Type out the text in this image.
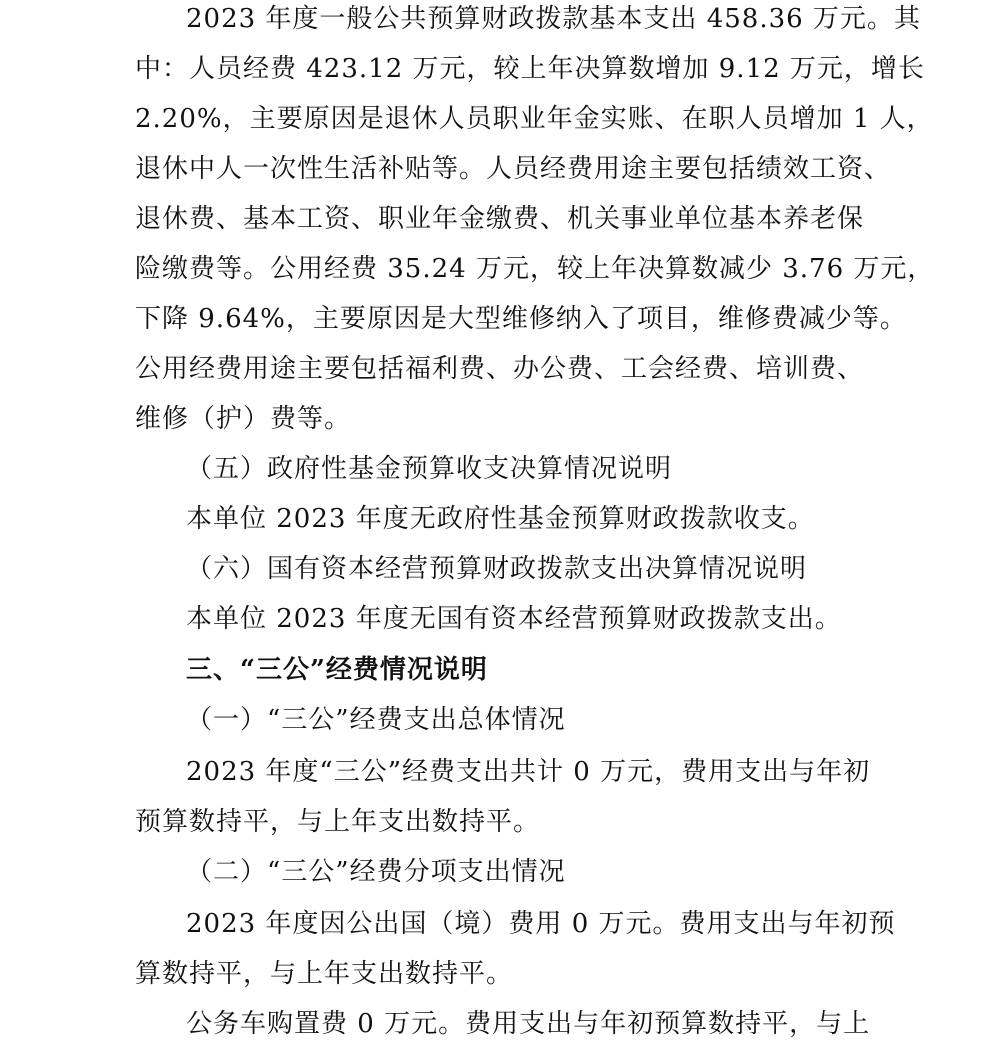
2023 年度一般公共预算财政拨款基本支出 458.36 万元。其
中：人员经费 423.12 万元，较上年决算数增加 9.12 万元，增长
2.20%，主要原因是退休人员职业年金实账、在职人员增加 1 人，
退休中人一次性生活补贴等。人员经费用途主要包括绩效工资、
退休费、基本工资、职业年金缴费、机关事业单位基本养老保
险缴费等。公用经费 35.24 万元，较上年决算数减少 3.76 万元，
下降 9.64%，主要原因是大型维修纳入了项目，维修费减少等。
公用经费用途主要包括福利费、办公费、工会经费、培训费、
维修（护）费等。
（五）政府性基金预算收支决算情况说明
本单位 2023 年度无政府性基金预算财政拨款收支。
（六）国有资本经营预算财政拨款支出决算情况说明
本单位 2023 年度无国有资本经营预算财政拨款支出。
三、“三公”经费情况说明
（一）“三公”经费支出总体情况
2023 年度“三公”经费支出共计 0 万元，费用支出与年初
预算数持平，与上年支出数持平。
（二）“三公”经费分项支出情况
2023 年度因公出国（境）费用 0 万元。费用支出与年初预
算数持平，与上年支出数持平。
公务车购置费 0 万元。费用支出与年初预算数持平，与上
